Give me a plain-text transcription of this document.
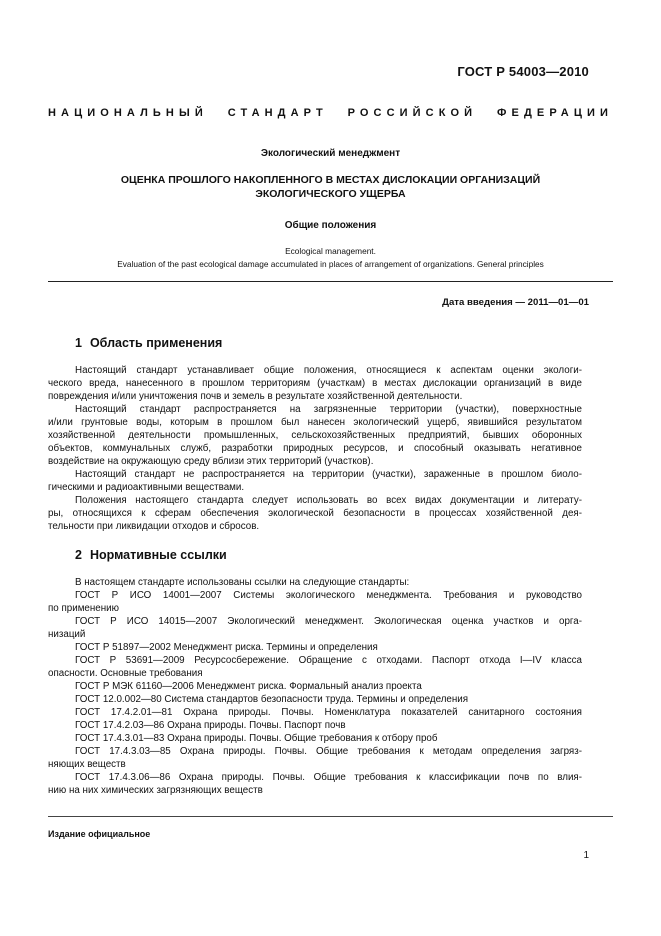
ГОСТ Р 54003—2010
НАЦИОНАЛЬНЫЙ СТАНДАРТ РОССИЙСКОЙ ФЕДЕРАЦИИ
Экологический менеджмент
ОЦЕНКА ПРОШЛОГО НАКОПЛЕННОГО В МЕСТАХ ДИСЛОКАЦИИ ОРГАНИЗАЦИЙ
ЭКОЛОГИЧЕСКОГО УЩЕРБА
Общие положения
Ecological management.
Evaluation of the past ecological damage accumulated in places of arrangement of organizations. General principles
Дата введения — 2011—01—01
1 Область применения
Настоящий стандарт устанавливает общие положения, относящиеся к аспектам оценки экологи-
ческого вреда, нанесенного в прошлом территориям (участкам) в местах дислокации организаций в виде
повреждения и/или уничтожения почв и земель в результате хозяйственной деятельности.
Настоящий стандарт распространяется на загрязненные территории (участки), поверхностные
и/или грунтовые воды, которым в прошлом был нанесен экологический ущерб, явившийся результатом
хозяйственной деятельности промышленных, сельскохозяйственных предприятий, бывших оборонных
объектов, коммунальных служб, разработки природных ресурсов, и способный оказывать негативное
воздействие на окружающую среду вблизи этих территорий (участков).
Настоящий стандарт не распространяется на территории (участки), зараженные в прошлом биоло-
гическими и радиоактивными веществами.
Положения настоящего стандарта следует использовать во всех видах документации и литерату-
ры, относящихся к сферам обеспечения экологической безопасности в процессах хозяйственной дея-
тельности при ликвидации отходов и сбросов.
2 Нормативные ссылки
В настоящем стандарте использованы ссылки на следующие стандарты:
ГОСТ Р ИСО 14001—2007 Системы экологического менеджмента. Требования и руководство
по применению
ГОСТ Р ИСО 14015—2007 Экологический менеджмент. Экологическая оценка участков и орга-
низаций
ГОСТ Р 51897—2002 Менеджмент риска. Термины и определения
ГОСТ Р 53691—2009 Ресурсосбережение. Обращение с отходами. Паспорт отхода I—IV класса
опасности. Основные требования
ГОСТ Р МЭК 61160—2006 Менеджмент риска. Формальный анализ проекта
ГОСТ 12.0.002—80 Система стандартов безопасности труда. Термины и определения
ГОСТ 17.4.2.01—81 Охрана природы. Почвы. Номенклатура показателей санитарного состояния
ГОСТ 17.4.2.03—86 Охрана природы. Почвы. Паспорт почв
ГОСТ 17.4.3.01—83 Охрана природы. Почвы. Общие требования к отбору проб
ГОСТ 17.4.3.03—85 Охрана природы. Почвы. Общие требования к методам определения загряз-
няющих веществ
ГОСТ 17.4.3.06—86 Охрана природы. Почвы. Общие требования к классификации почв по влия-
нию на них химических загрязняющих веществ
Издание официальное
1
